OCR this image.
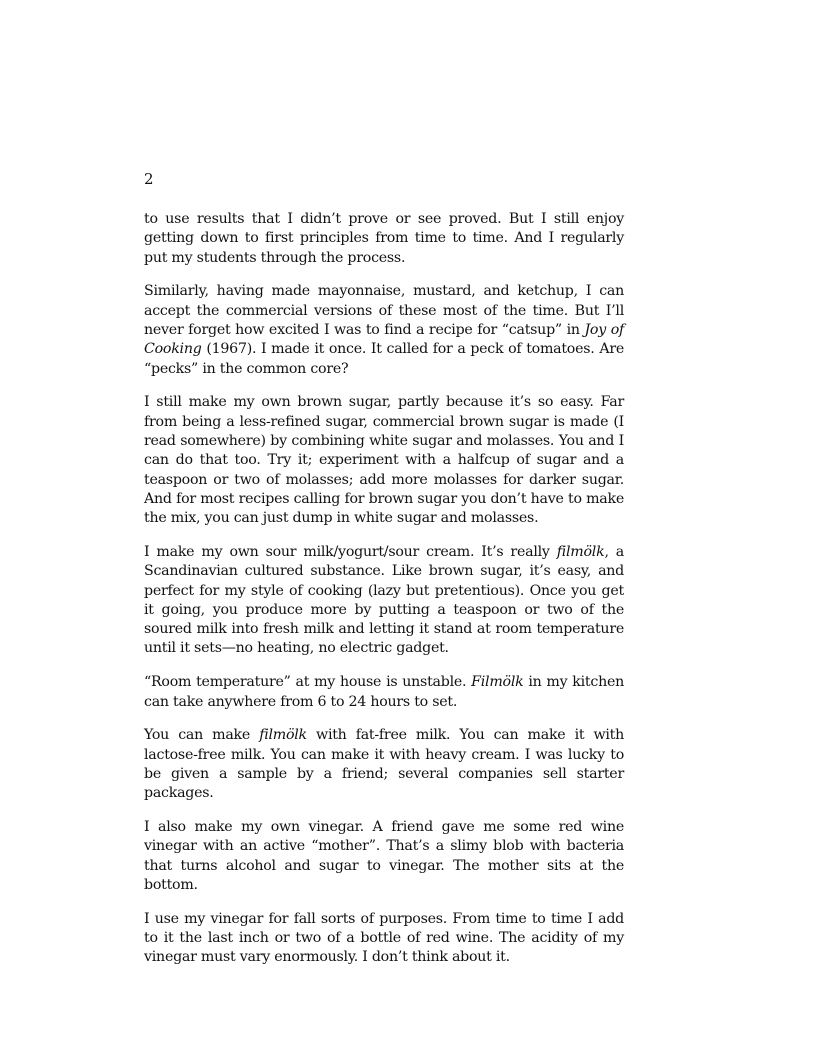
2

to use results that I didn’t prove or see proved. But I still enjoy getting down to first principles from time to time. And I regularly put my students through the process.

Similarly, having made mayonnaise, mustard, and ketchup, I can accept the commercial versions of these most of the time. But I’ll never forget how excited I was to find a recipe for “catsup” in Joy of Cooking (1967). I made it once. It called for a peck of tomatoes. Are “pecks” in the common core?

I still make my own brown sugar, partly because it’s so easy. Far from being a less-refined sugar, commercial brown sugar is made (I read somewhere) by combining white sugar and molasses. You and I can do that too. Try it; experiment with a halfcup of sugar and a teaspoon or two of molasses; add more molasses for darker sugar. And for most recipes calling for brown sugar you don’t have to make the mix, you can just dump in white sugar and molasses.

I make my own sour milk/yogurt/sour cream. It’s really filmölk, a Scandinavian cultured substance. Like brown sugar, it’s easy, and perfect for my style of cooking (lazy but pretentious). Once you get it going, you produce more by putting a teaspoon or two of the soured milk into fresh milk and letting it stand at room temperature until it sets—no heating, no electric gadget.

“Room temperature” at my house is unstable. Filmölk in my kitchen can take anywhere from 6 to 24 hours to set.

You can make filmölk with fat-free milk. You can make it with lactose-free milk. You can make it with heavy cream. I was lucky to be given a sample by a friend; several companies sell starter packages.

I also make my own vinegar. A friend gave me some red wine vinegar with an active “mother”. That’s a slimy blob with bacteria that turns alcohol and sugar to vinegar. The mother sits at the bottom.

I use my vinegar for fall sorts of purposes. From time to time I add to it the last inch or two of a bottle of red wine. The acidity of my vinegar must vary enormously. I don’t think about it.
